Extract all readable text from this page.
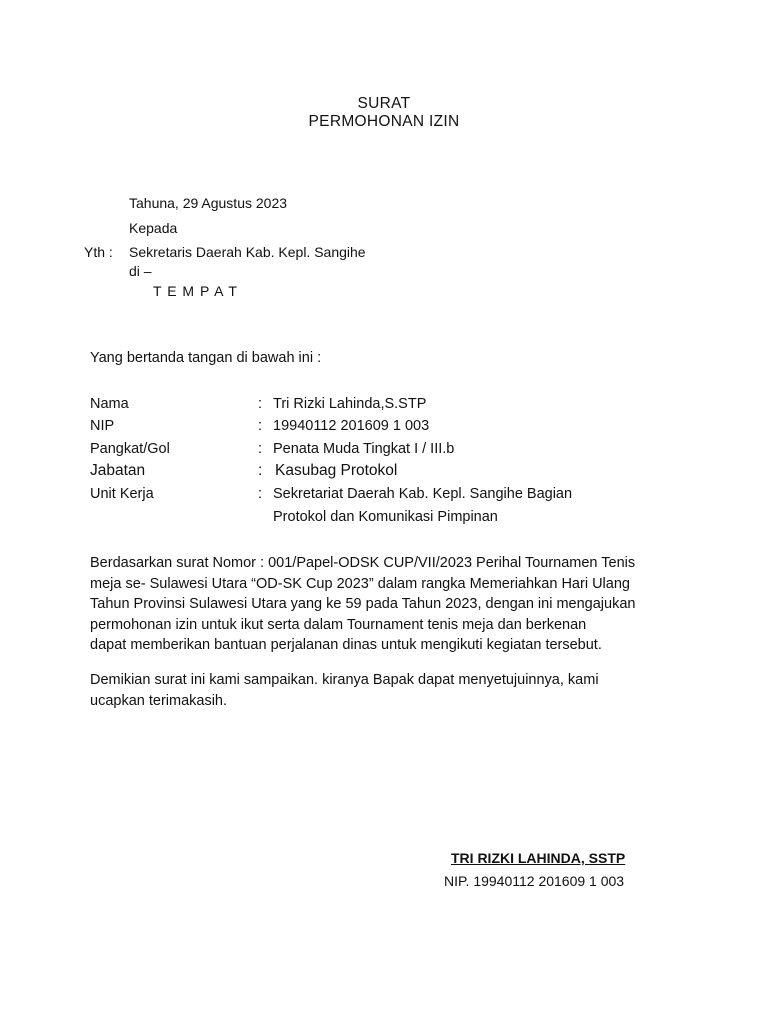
SURAT
PERMOHONAN IZIN
Tahuna, 29 Agustus 2023
Kepada
Yth : Sekretaris Daerah Kab. Kepl. Sangihe
di –
T E M P A T
Yang bertanda tangan di bawah ini :
Nama	: Tri Rizki Lahinda,S.STP
NIP	: 19940112 201609 1 003
Pangkat/Gol	: Penata Muda Tingkat I / III.b
Jabatan	: Kasubag Protokol
Unit Kerja	: Sekretariat Daerah Kab. Kepl. Sangihe Bagian
Protokol dan Komunikasi Pimpinan
Berdasarkan surat Nomor : 001/Papel-ODSK CUP/VII/2023 Perihal Tournamen Tenis
meja se- Sulawesi Utara “OD-SK Cup 2023” dalam rangka Memeriahkan Hari Ulang
Tahun Provinsi Sulawesi Utara yang ke 59 pada Tahun 2023, dengan ini mengajukan
permohonan izin untuk ikut serta dalam Tournament tenis meja dan berkenan
dapat memberikan bantuan perjalanan dinas untuk mengikuti kegiatan tersebut.
Demikian surat ini kami sampaikan. kiranya Bapak dapat menyetujuinnya, kami
ucapkan terimakasih.
TRI RIZKI LAHINDA, SSTP
NIP. 19940112 201609 1 003
